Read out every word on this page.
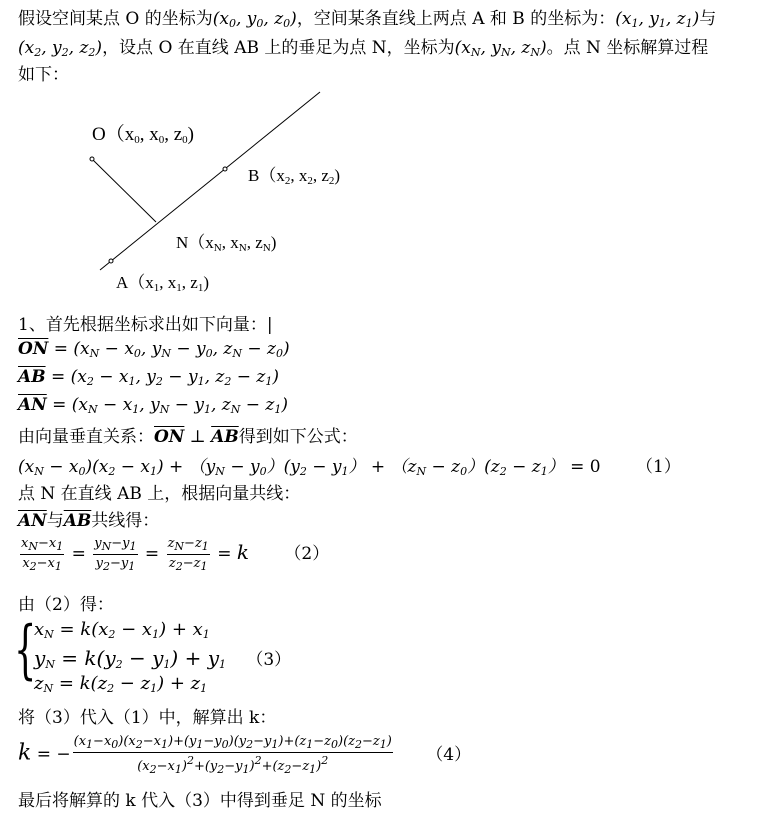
假设空间某点 O 的坐标为($x_0$, $y_0$, $z_0$)，空间某条直线上两点 A 和 B 的坐标为：($x_1$, $y_1$, $z_1$)与
($x_2$, $y_2$, $z_2$)，设点 O 在直线 AB 上的垂足为点 N，坐标为($x_N$, $y_N$, $z_N$)。点 N 坐标解算过程
如下：
$O(x_0$, $x_0$, $z_0$)
$B(x_2$, $x_2$, $z_2$)
$N(x_N$, $x_N$, $z_N$)
$A(x_1$, $x_1$, $z_1$)
1、首先根据坐标求出如下向量：|
$\overline{ON} = (x_N - x_0$, $y_N - y_0$, $z_N - z_0$)
$\overline{AB} = (x_2 - x_1$, $y_2 - y_1$, $z_2 - z_1$)
$\overline{AN} = (x_N - x_1$, $y_N - y_1$, $z_N - z_1$)
由向量垂直关系：$\overline{ON}$ ⊥ $\overline{AB}$得到如下公式：
$(x_N - x_0)(x_2 - x_1) + (y_N - y_0)(y_2 - y_1) + (z_N - z_0)(z_2 - z_1) = 0$ （1）
点 N 在直线 AB 上，根据向量共线：
$\overline{AN}$与$\overline{AB}$共线得：
$\frac{x_N-x_1}{x_2-x_1} = \frac{y_N-y_1}{y_2-y_1} = \frac{z_N-z_1}{z_2-z_1} = k$ （2）
由（2）得：
{
$x_N = k(x_2 - x_1) + x_1$
$y_N = k(y_2 - y_1) + y_1$ （3）
$z_N = k(z_2 - z_1) + z_1$
将（3）代入（1）中，解算出 k：
k = − $\frac{(x_1-x_0)(x_2-x_1)+(y_1-y_0)(y_2-y_1)+(z_1-z_0)(z_2-z_1)}{(x_2-x_1)^2+(y_2-y_1)^2+(z_2-z_1)^2} (4)$
最后将解算的 k 代入（3）中得到垂足 N 的坐标
